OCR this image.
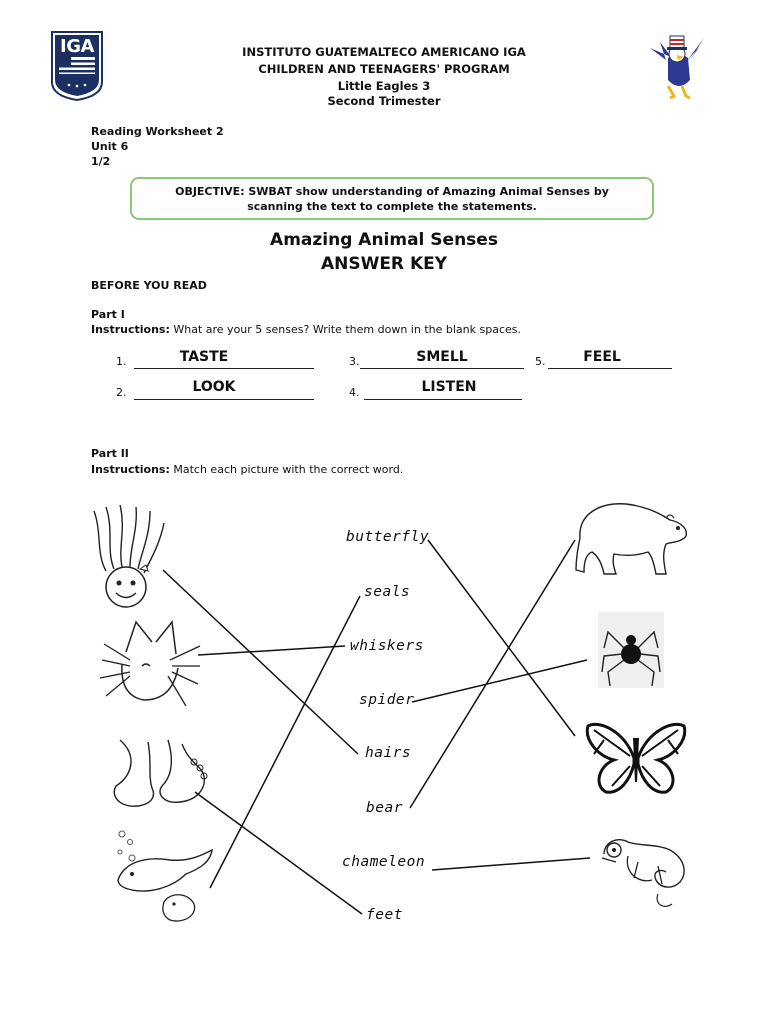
IGA	INSTITUTO GUATEMALTECO AMERICANO IGA
CHILDREN AND TEENAGERS' PROGRAM
Little Eagles 3
Second Trimester
Reading Worksheet 2
Unit 6
1/2
OBJECTIVE: SWBAT show understanding of Amazing Animal Senses by scanning the text to complete the statements.
Amazing Animal Senses
ANSWER KEY
BEFORE YOU READ
Part I
Instructions: What are your 5 senses? Write them down in the blank spaces.
1.	TASTE
2.	LOOK
3.	SMELL
4.	LISTEN
5.	FEEL
Part II
Instructions: Match each picture with the correct word.
butterfly
seals
whiskers
spider
hairs
bear
chameleon
feet
